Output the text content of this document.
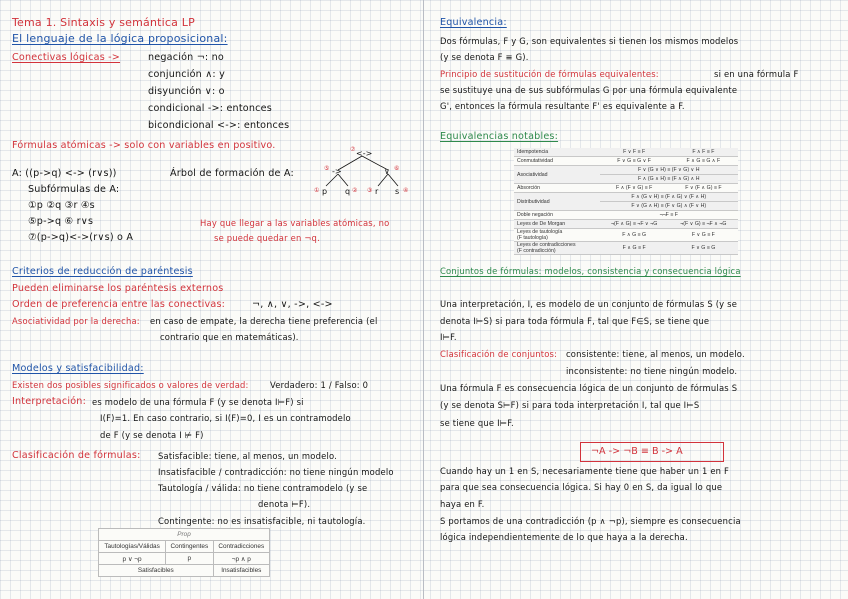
Tema 1. Sintaxis y semántica LP
El lenguaje de la lógica proposicional:
Conectivas lógicas ->	negación ¬: no
conjunción ∧: y
disyunción ∨: o
condicional ->: entonces
bicondicional <->: entonces
Fórmulas atómicas -> solo con variables en positivo.
A: ((p->q) <-> (r∨s))	Árbol de formación de A:
<->
->	∨
p q	r s
⑦
⑤	⑥
①	② ③	④
Subfórmulas de A:
①p ②q ③r ④s
⑤p->q ⑥ r∨s
⑦(p->q)<->(r∨s) o A
Hay que llegar a las variables atómicas, no
se puede quedar en ¬q.
Criterios de reducción de paréntesis
Pueden eliminarse los paréntesis externos
Orden de preferencia entre las conectivas:	¬, ∧, ∨, ->, <->
Asociatividad por la derecha: en caso de empate, la derecha tiene preferencia (el
contrario que en matemáticas).
Modelos y satisfacibilidad:
Existen dos posibles significados o valores de verdad:	Verdadero: 1 / Falso: 0
Interpretación: es modelo de una fórmula F (y se denota I⊨F) si
I(F)=1. En caso contrario, si I(F)=0, I es un contramodelo
de F (y se denota I ⊭ F)
Clasificación de fórmulas: Satisfacible: tiene, al menos, un modelo.
Insatisfacible / contradicción: no tiene ningún modelo
Tautología / válida: no tiene contramodelo (y se
denota ⊨F).
Contingente: no es insatisfacible, ni tautología.
Prop		
Tautologías/Válidas	Contingentes	Contradicciones
p ∨ ¬p	p	¬p ∧ p
Satisfacibles		Insatisfacibles
Equivalencia:
Dos fórmulas, F y G, son equivalentes si tienen los mismos modelos
(y se denota F ≡ G).
Principio de sustitución de fórmulas equivalentes:	si en una fórmula F
se sustituye una de sus subfórmulas G por una fórmula equivalente
G', entonces la fórmula resultante F' es equivalente a F.
Equivalencias notables:
Idempotencia	F ∨ F ≡ F	F ∧ F ≡ F
Conmutatividad	F ∨ G ≡ G ∨ F	F ∧ G ≡ G ∧ F
Asociatividad	F ∨ (G ∨ H) ≡ (F ∨ G) ∨ H	
	F ∧ (G ∧ H) ≡ (F ∧ G) ∧ H	
Absorción	F ∧ (F ∨ G) ≡ F	F ∨ (F ∧ G) ≡ F
Distributividad	F ∧ (G ∨ H) ≡ (F ∧ G) ∨ (F ∧ H)	
	F ∨ (G ∧ H) ≡ (F ∨ G) ∧ (F ∨ H)	
Doble negación	¬¬F ≡ F	
Leyes de De Morgan	¬(F ∧ G) ≡ ¬F ∨ ¬G	¬(F ∨ G) ≡ ¬F ∧ ¬G
Leyes de tautología
(F tautología)	F ∧ G ≡ G	F ∨ G ≡ F
Leyes de contradicciones
(F contradicción)	F ∧ G ≡ F	F ∨ G ≡ G
Conjuntos de fórmulas: modelos, consistencia y consecuencia lógica
Una interpretación, I, es modelo de un conjunto de fórmulas S (y se
denota I⊨S) si para toda fórmula F, tal que F∈S, se tiene que
I⊨F.
Clasificación de conjuntos: consistente: tiene, al menos, un modelo.
inconsistente: no tiene ningún modelo.
Una fórmula F es consecuencia lógica de un conjunto de fórmulas S
(y se denota S⊨F) si para toda interpretación I, tal que I⊨S
se tiene que I⊨F.
Cuando hay un 1 en S, necesariamente tiene que haber un 1 en F
para que sea consecuencia lógica. Si hay 0 en S, da igual lo que
haya en F.
S portamos de una contradicción (p ∧ ¬p), siempre es consecuencia
lógica independientemente de lo que haya a la derecha.
¬A -> ¬B ≡ B -> A
